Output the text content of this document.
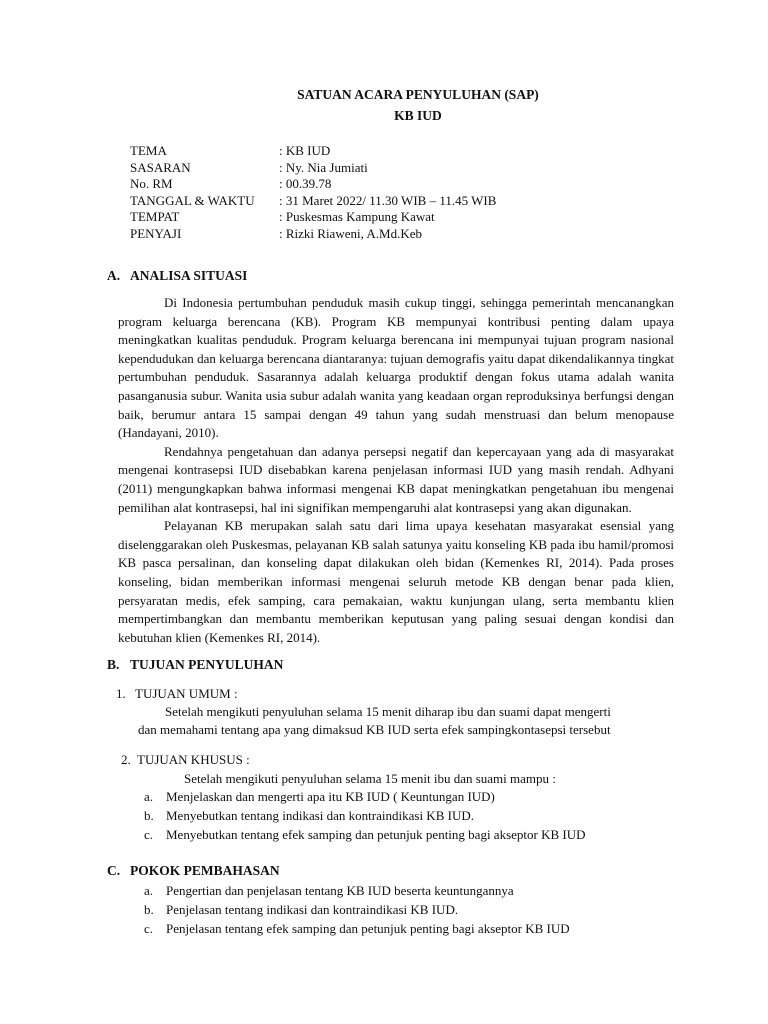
SATUAN ACARA PENYULUHAN (SAP)
KB IUD
TEMA	: KB IUD
SASARAN	: Ny. Nia Jumiati
No. RM	: 00.39.78
TANGGAL & WAKTU	: 31 Maret 2022/ 11.30 WIB – 11.45 WIB
TEMPAT	: Puskesmas Kampung Kawat
PENYAJI	: Rizki Riaweni, A.Md.Keb
A. ANALISA SITUASI

Di Indonesia pertumbuhan penduduk masih cukup tinggi, sehingga pemerintah mencanangkan program keluarga berencana (KB). Program KB mempunyai kontribusi penting dalam upaya meningkatkan kualitas penduduk. Program keluarga berencana ini mempunyai tujuan program nasional kependudukan dan keluarga berencana diantaranya: tujuan demografis yaitu dapat dikendalikannya tingkat pertumbuhan penduduk. Sasarannya adalah keluarga produktif dengan fokus utama adalah wanita pasanganusia subur. Wanita usia subur adalah wanita yang keadaan organ reproduksinya berfungsi dengan baik, berumur antara 15 sampai dengan 49 tahun yang sudah menstruasi dan belum menopause (Handayani, 2010).

Rendahnya pengetahuan dan adanya persepsi negatif dan kepercayaan yang ada di masyarakat mengenai kontrasepsi IUD disebabkan karena penjelasan informasi IUD yang masih rendah. Adhyani (2011) mengungkapkan bahwa informasi mengenai KB dapat meningkatkan pengetahuan ibu mengenai pemilihan alat kontrasepsi, hal ini signifikan mempengaruhi alat kontrasepsi yang akan digunakan.

Pelayanan KB merupakan salah satu dari lima upaya kesehatan masyarakat esensial yang diselenggarakan oleh Puskesmas, pelayanan KB salah satunya yaitu konseling KB pada ibu hamil/promosi KB pasca persalinan, dan konseling dapat dilakukan oleh bidan (Kemenkes RI, 2014). Pada proses konseling, bidan memberikan informasi mengenai seluruh metode KB dengan benar pada klien, persyaratan medis, efek samping, cara pemakaian, waktu kunjungan ulang, serta membantu klien mempertimbangkan dan membantu memberikan keputusan yang paling sesuai dengan kondisi dan kebutuhan klien (Kemenkes RI, 2014).

B. TUJUAN PENYULUHAN
1. TUJUAN UMUM :
Setelah mengikuti penyuluhan selama 15 menit diharap ibu dan suami dapat mengerti
dan memahami tentang apa yang dimaksud KB IUD serta efek sampingkontasepsi tersebut
2. TUJUAN KHUSUS :
Setelah mengikuti penyuluhan selama 15 menit ibu dan suami mampu :
a. Menjelaskan dan mengerti apa itu KB IUD ( Keuntungan IUD)
b. Menyebutkan tentang indikasi dan kontraindikasi KB IUD.
c. Menyebutkan tentang efek samping dan petunjuk penting bagi akseptor KB IUD
C. POKOK PEMBAHASAN
a. Pengertian dan penjelasan tentang KB IUD beserta keuntungannya
b. Penjelasan tentang indikasi dan kontraindikasi KB IUD.
c. Penjelasan tentang efek samping dan petunjuk penting bagi akseptor KB IUD
